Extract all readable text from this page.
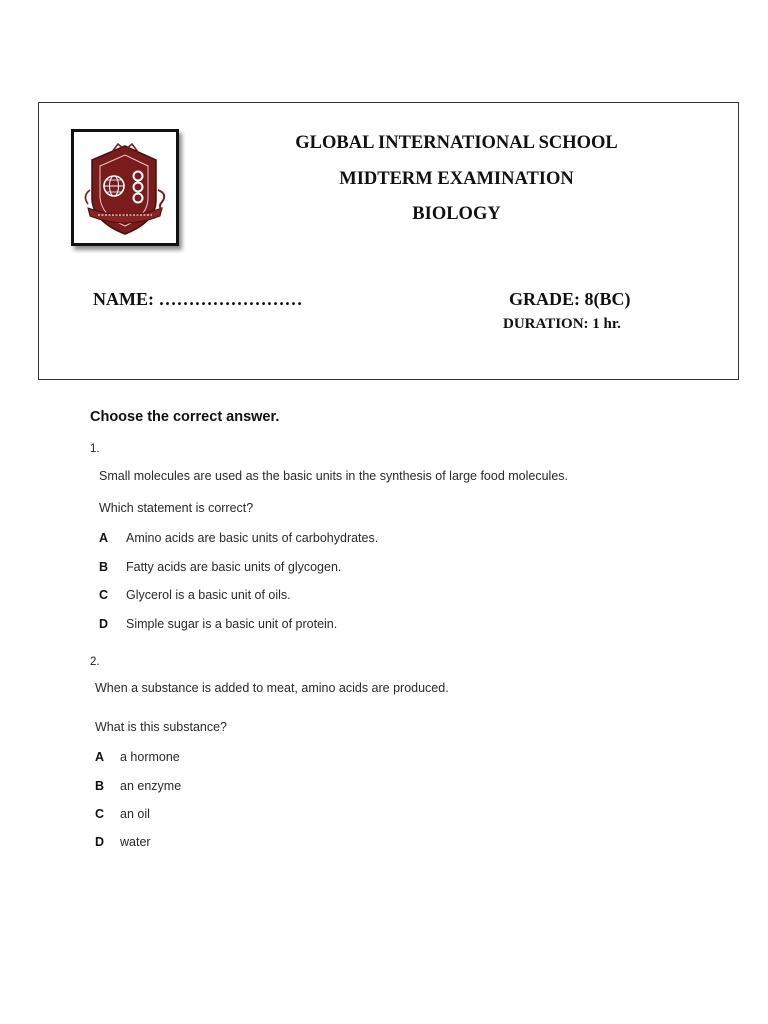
GLOBAL INTERNATIONAL SCHOOL
MIDTERM EXAMINATION
BIOLOGY
NAME: ……………………	GRADE: 8(BC)
DURATION: 1 hr.
Choose the correct answer.
1.
Small molecules are used as the basic units in the synthesis of large food molecules.
Which statement is correct?
A Amino acids are basic units of carbohydrates.
B Fatty acids are basic units of glycogen.
C Glycerol is a basic unit of oils.
D Simple sugar is a basic unit of protein.
2.
When a substance is added to meat, amino acids are produced.
What is this substance?
A a hormone
B an enzyme
C an oil
D water
